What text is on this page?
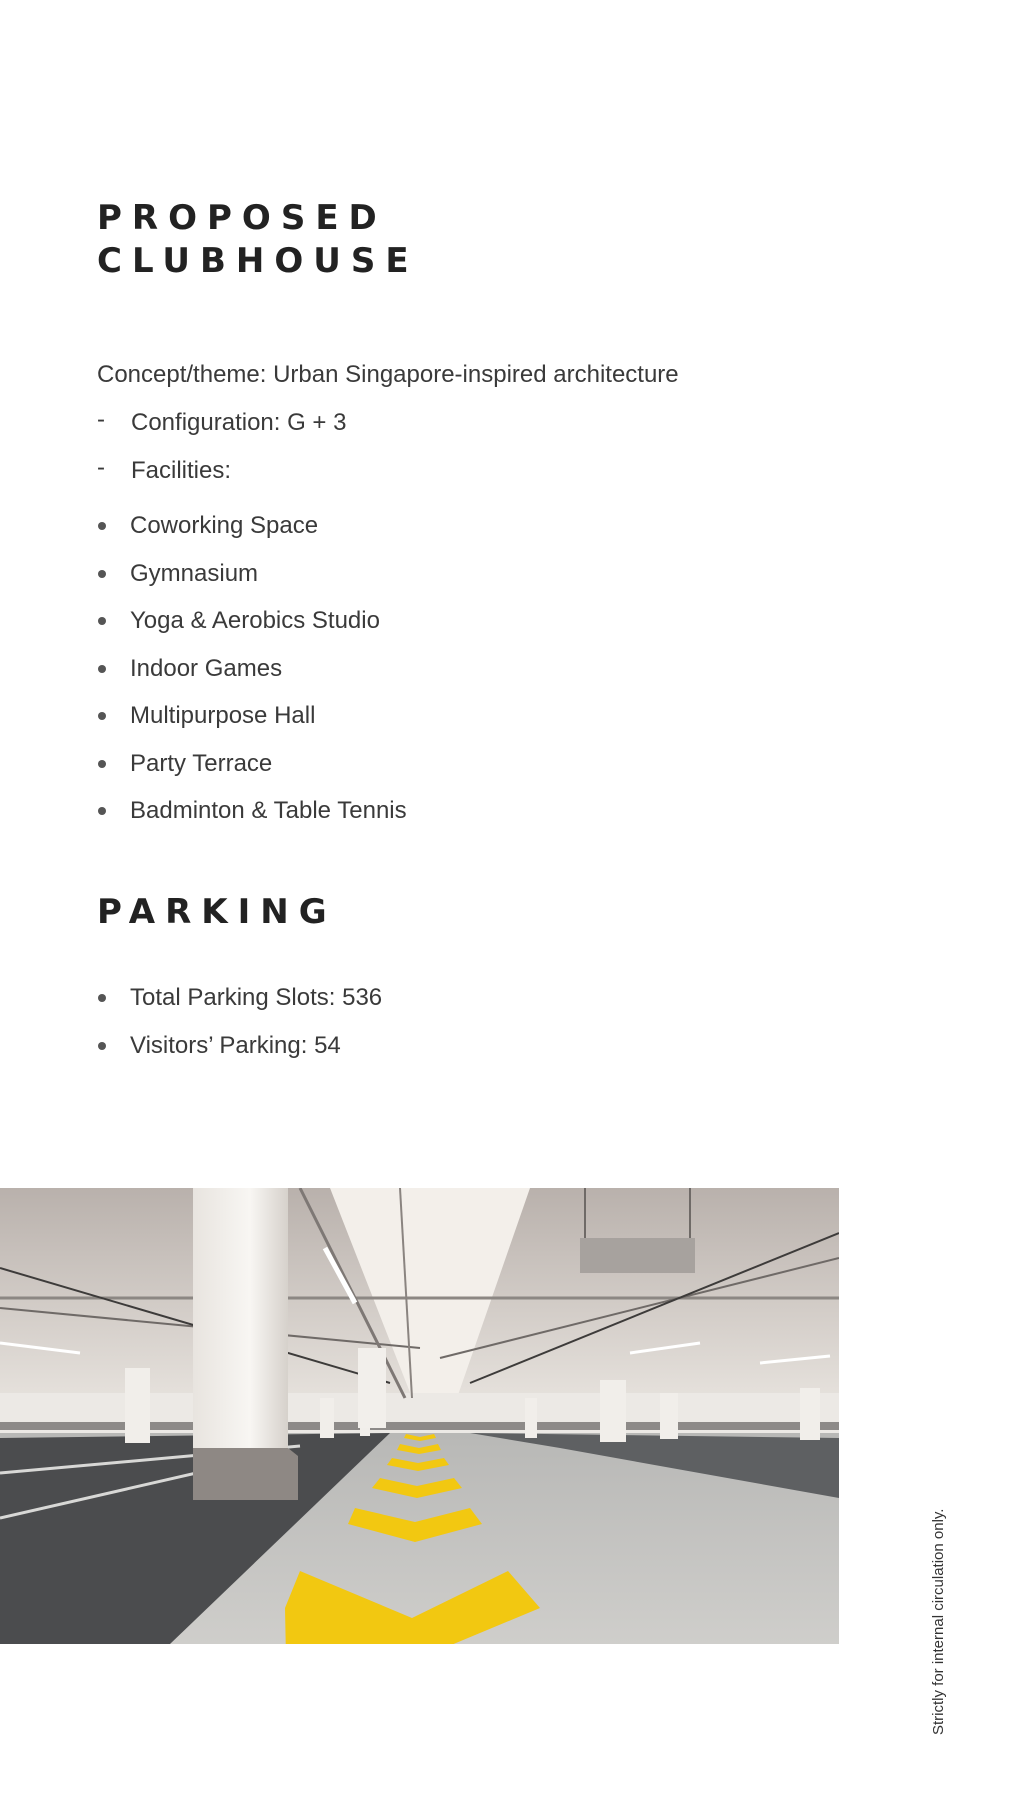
PROPOSED
CLUBHOUSE
Concept/theme: Urban Singapore-inspired architecture
- Configuration: G + 3
- Facilities:
Coworking Space
Gymnasium
Yoga & Aerobics Studio
Indoor Games
Multipurpose Hall
Party Terrace
Badminton & Table Tennis
PARKING
Total Parking Slots: 536
Visitors’ Parking: 54
Strictly for internal circulation only.
